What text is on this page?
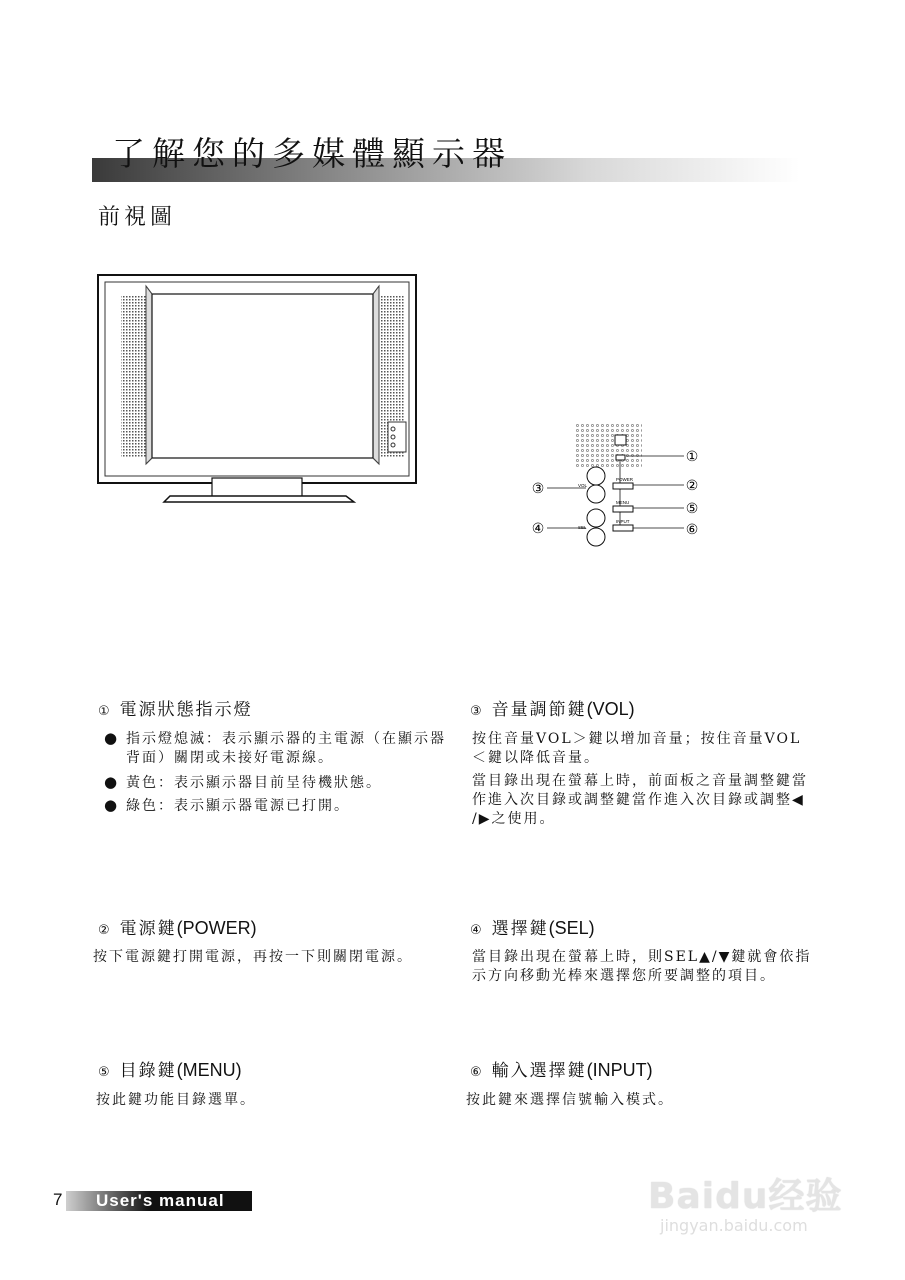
了解您的多媒體顯示器
前視圖
POWER
MENU
INPUT
VOL
SEL
①
②
③
④
⑤
⑥
① 電源狀態指示燈
● 指示燈熄滅：表示顯示器的主電源（在顯示器背面）關閉或未接好電源線。
● 黃色：表示顯示器目前呈待機狀態。
● 綠色：表示顯示器電源已打開。
③ 音量調節鍵(VOL)
按住音量VOL＞鍵以增加音量；按住音量VOL＜鍵以降低音量。
當目錄出現在螢幕上時，前面板之音量調整鍵當作進入次目錄或調整鍵當作進入次目錄或調整◀ /▶之使用。
② 電源鍵(POWER)
按下電源鍵打開電源，再按一下則關閉電源。
④ 選擇鍵(SEL)
當目錄出現在螢幕上時，則SEL▲/▼鍵就會依指示方向移動光棒來選擇您所要調整的項目。
⑤ 目錄鍵(MENU)
按此鍵功能目錄選單。
⑥ 輸入選擇鍵(INPUT)
按此鍵來選擇信號輸入模式。
7 User's manual	Baidu经验
jingyan.baidu.com
